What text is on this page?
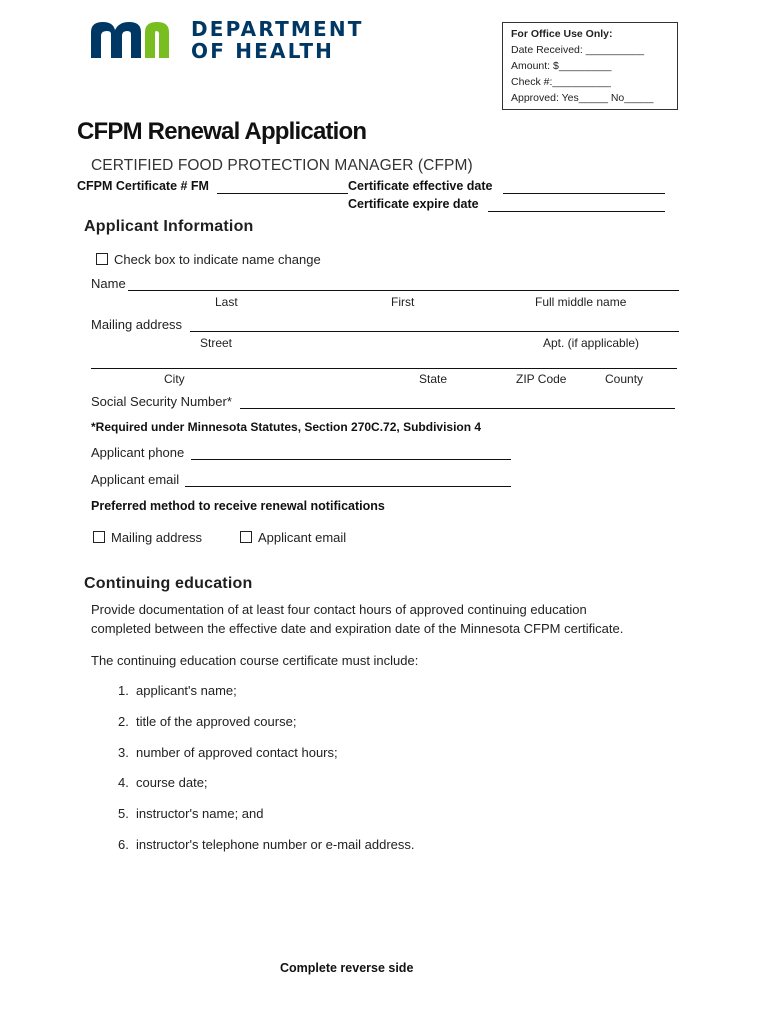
DEPARTMENT
OF HEALTH
For Office Use Only:
Date Received: __________
Amount: $_________
Check #:__________
Approved: Yes_____ No_____
CFPM Renewal Application
CERTIFIED FOOD PROTECTION MANAGER (CFPM)
CFPM Certificate # FM	Certificate effective date
Certificate expire date
Applicant Information
Check box to indicate name change
Name
Last	First	Full middle name
Mailing address
Street	Apt. (if applicable)
City	State	ZIP Code	County
Social Security Number*
*Required under Minnesota Statutes, Section 270C.72, Subdivision 4
Applicant phone
Applicant email
Preferred method to receive renewal notifications
Mailing address	Applicant email
Continuing education
Provide documentation of at least four contact hours of approved continuing education
completed between the effective date and expiration date of the Minnesota CFPM certificate.
The continuing education course certificate must include:
1. applicant's name;
2. title of the approved course;
3. number of approved contact hours;
4. course date;
5. instructor's name; and
6. instructor's telephone number or e-mail address.
Complete reverse side
